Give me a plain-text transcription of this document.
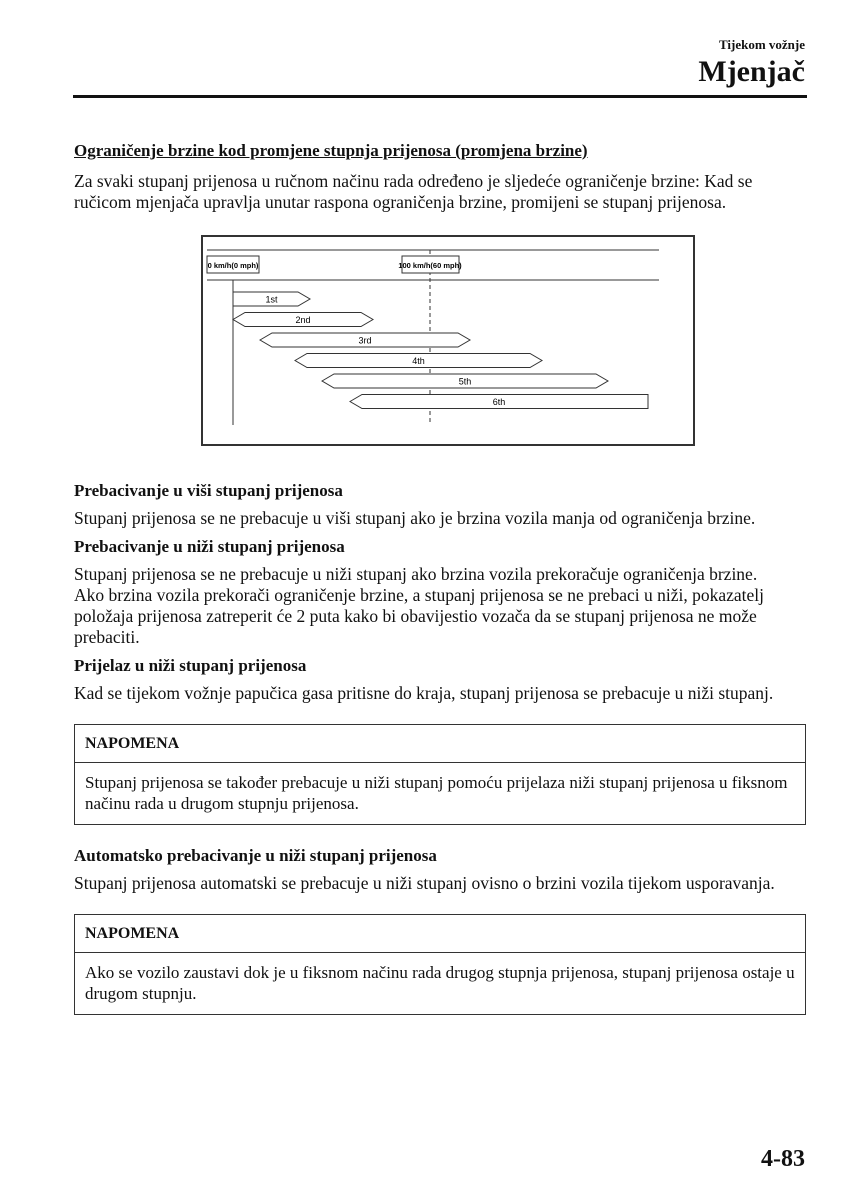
Tijekom vožnje
Mjenjač
Ograničenje brzine kod promjene stupnja prijenosa (promjena brzine)

Za svaki stupanj prijenosa u ručnom načinu rada određeno je sljedeće ograničenje brzine: Kad se ručicom mjenjača upravlja unutar raspona ograničenja brzine, promijeni se stupanj prijenosa.

0 km/h(0 mph)	100 km/h(60 mph)
1st
2nd
3rd
4th
5th
6th
Prebacivanje u viši stupanj prijenosa

Stupanj prijenosa se ne prebacuje u viši stupanj ako je brzina vozila manja od ograničenja brzine.

Prebacivanje u niži stupanj prijenosa

Stupanj prijenosa se ne prebacuje u niži stupanj ako brzina vozila prekoračuje ograničenja brzine.

Ako brzina vozila prekorači ograničenje brzine, a stupanj prijenosa se ne prebaci u niži, pokazatelj položaja prijenosa zatreperit će 2 puta kako bi obavijestio vozača da se stupanj prijenosa ne može prebaciti.

Prijelaz u niži stupanj prijenosa

Kad se tijekom vožnje papučica gasa pritisne do kraja, stupanj prijenosa se prebacuje u niži stupanj.

NAPOMENA
Stupanj prijenosa se također prebacuje u niži stupanj pomoću prijelaza niži stupanj prijenosa u fiksnom načinu rada u drugom stupnju prijenosa.
Automatsko prebacivanje u niži stupanj prijenosa

Stupanj prijenosa automatski se prebacuje u niži stupanj ovisno o brzini vozila tijekom usporavanja.

NAPOMENA
Ako se vozilo zaustavi dok je u fiksnom načinu rada drugog stupnja prijenosa, stupanj prijenosa ostaje u drugom stupnju.
4-83
